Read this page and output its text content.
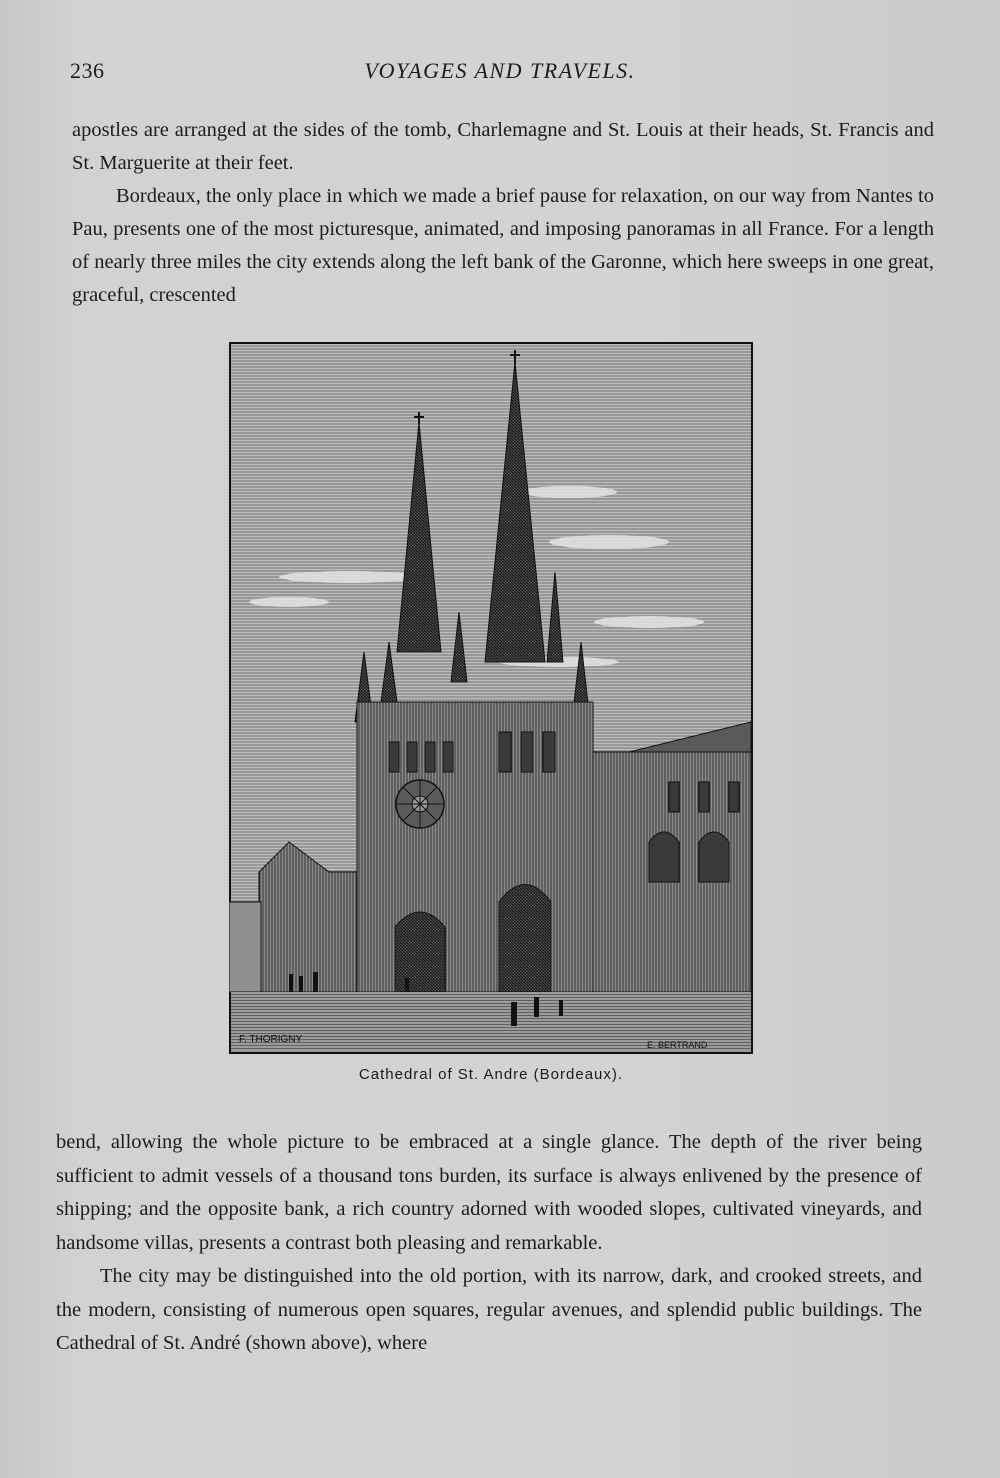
236	VOYAGES AND TRAVELS.

apostles are arranged at the sides of the tomb, Charlemagne and St. Louis at their heads, St. Francis and St. Marguerite at their feet.

Bordeaux, the only place in which we made a brief pause for relaxation, on our way from Nantes to Pau, presents one of the most picturesque, animated, and imposing panoramas in all France. For a length of nearly three miles the city extends along the left bank of the Garonne, which here sweeps in one great, graceful, crescented

F. THORIGNY	E. BERTRAND
Cathedral of St. Andre (Bordeaux).

bend, allowing the whole picture to be embraced at a single glance. The depth of the river being sufficient to admit vessels of a thousand tons burden, its surface is always enlivened by the presence of shipping; and the opposite bank, a rich country adorned with wooded slopes, cultivated vineyards, and handsome villas, presents a contrast both pleasing and remarkable.

The city may be distinguished into the old portion, with its narrow, dark, and crooked streets, and the modern, consisting of numerous open squares, regular avenues, and splendid public buildings. The Cathedral of St. André (shown above), where
